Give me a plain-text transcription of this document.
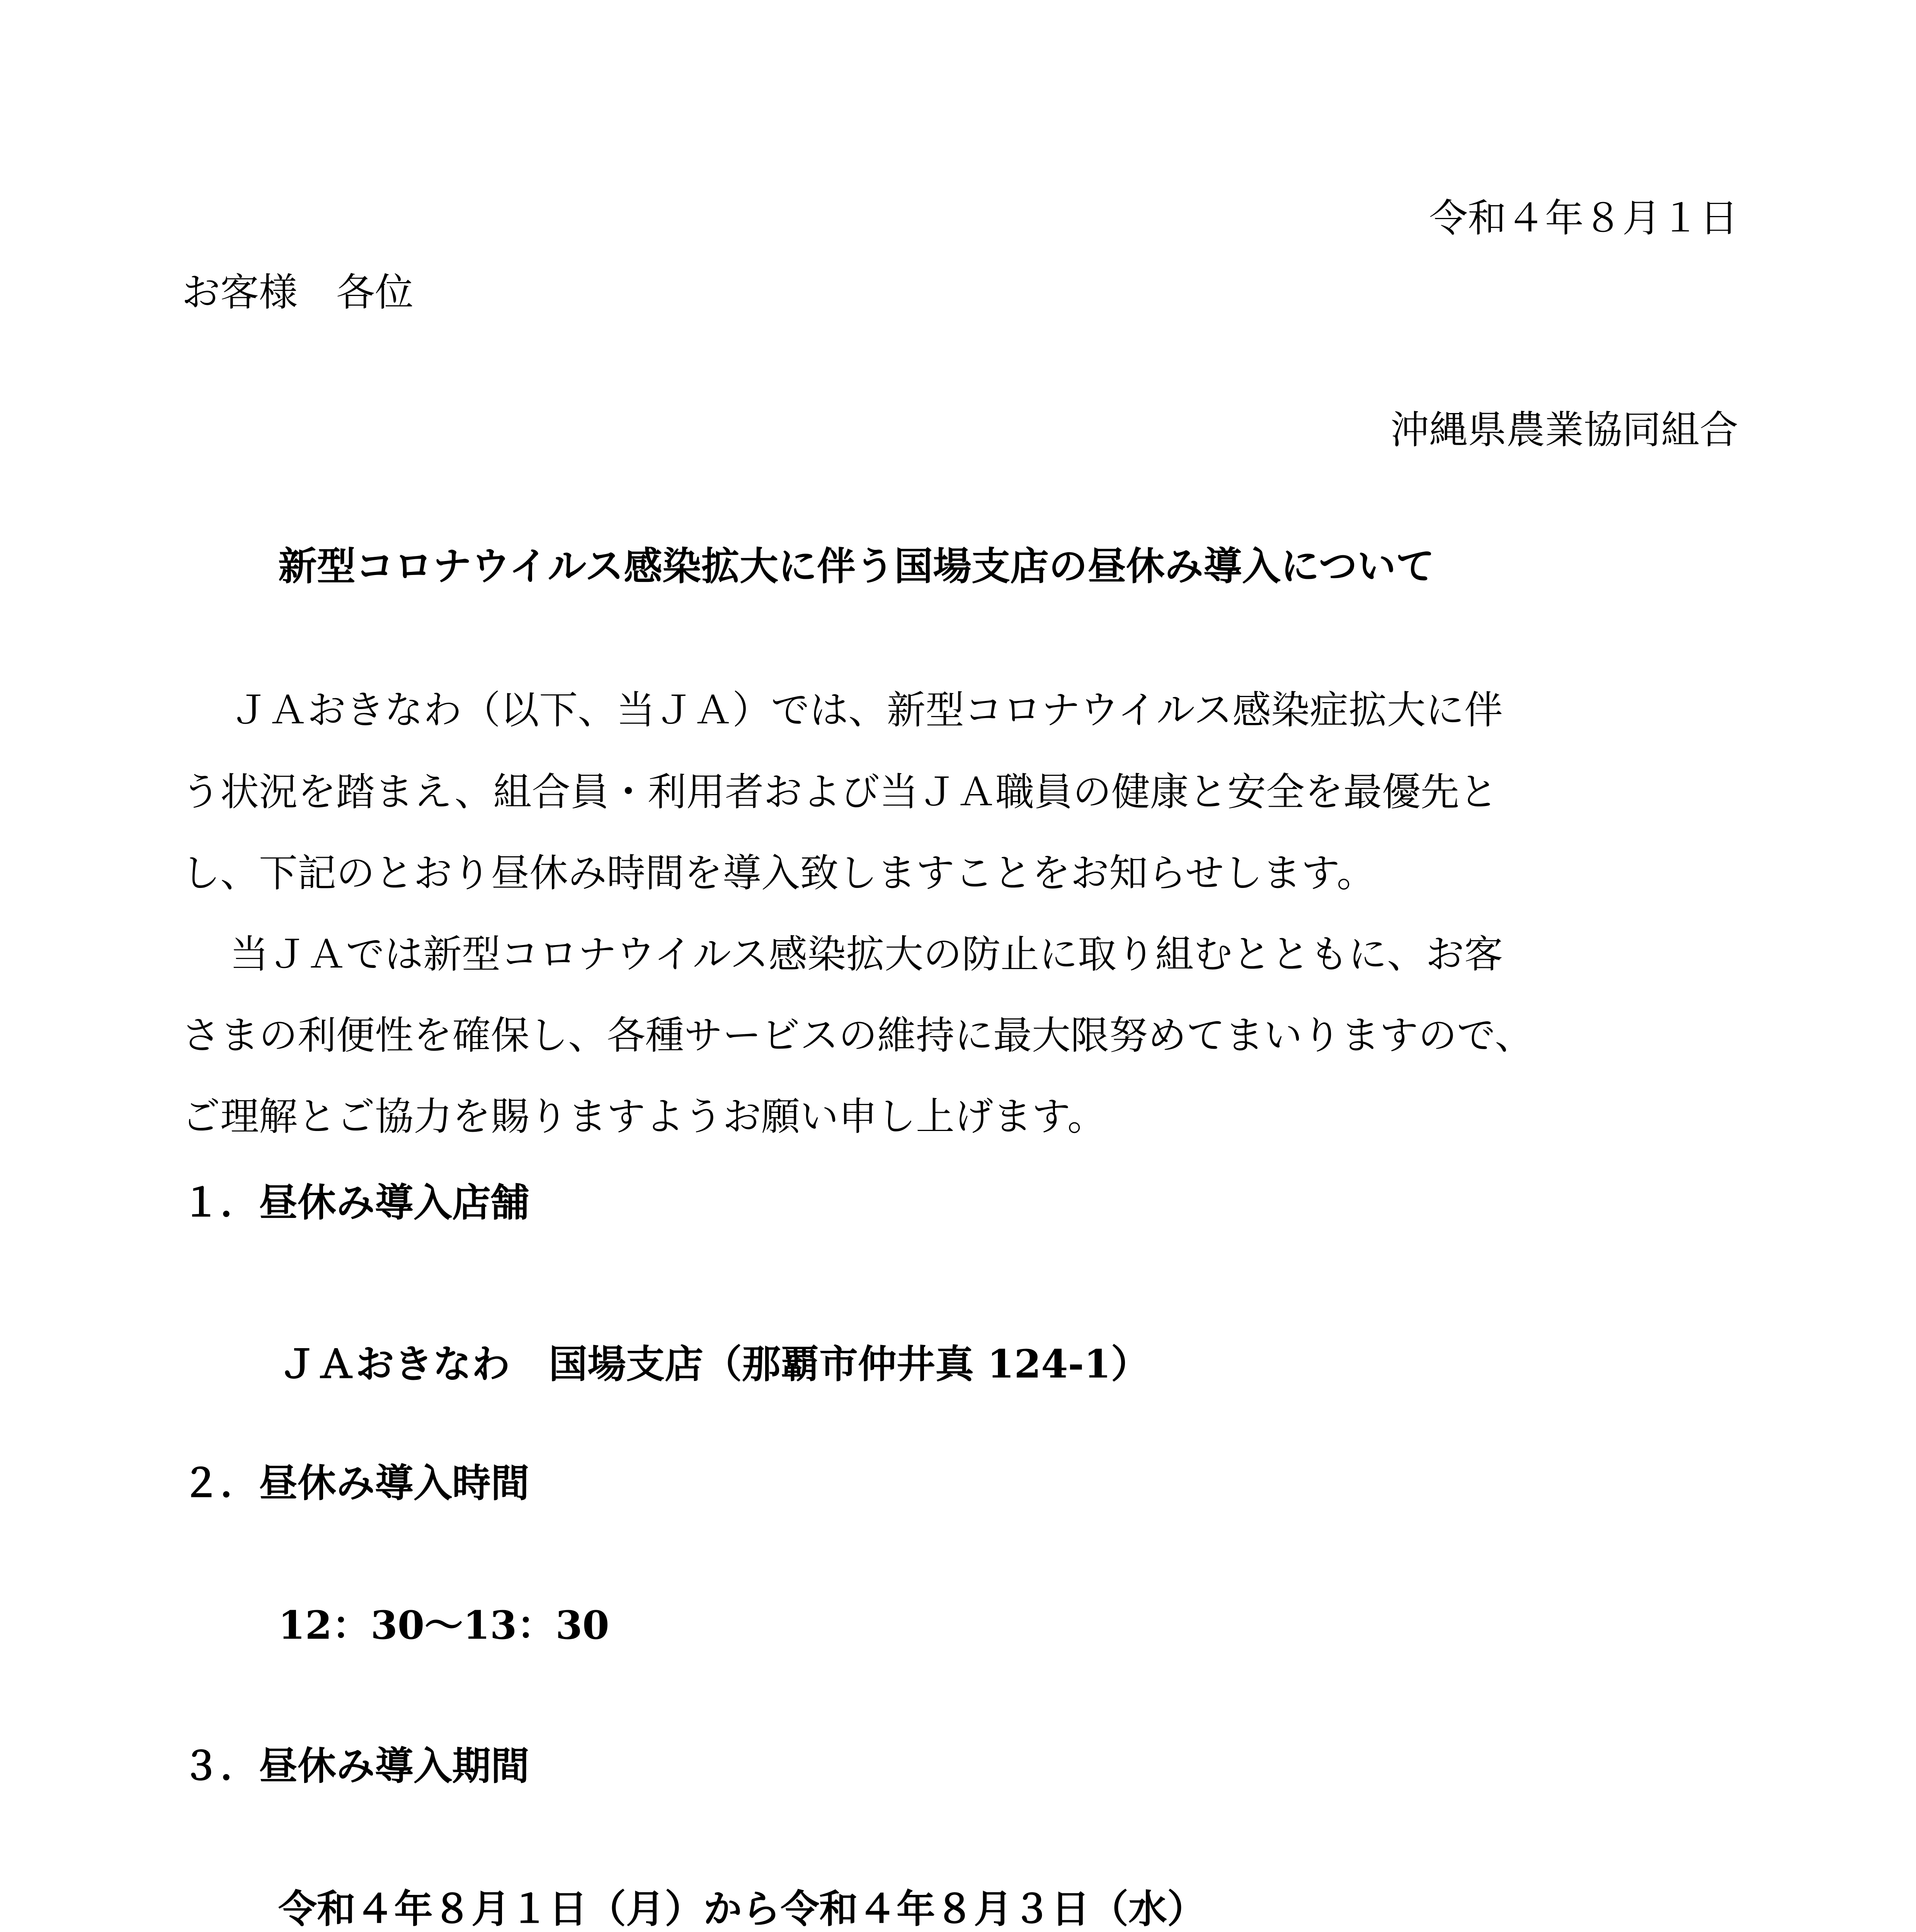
令和４年８月１日
お客様　各位
沖縄県農業協同組合
新型コロナウイルス感染拡大に伴う国場支店の昼休み導入について
ＪＡおきなわ（以下、当ＪＡ）では、新型コロナウイルス感染症拡大に伴
う状況を踏まえ、組合員・利用者および当ＪＡ職員の健康と安全を最優先と
し、下記のとおり昼休み時間を導入致しますことをお知らせします。
当ＪＡでは新型コロナウイルス感染拡大の防止に取り組むとともに、お客
さまの利便性を確保し、各種サービスの維持に最大限努めてまいりますので、
ご理解とご協力を賜りますようお願い申し上げます。
１．昼休み導入店舗
ＪＡおきなわ　国場支店（那覇市仲井真 124-1）
２．昼休み導入時間
12：30～13：30
３．昼休み導入期間
令和４年８月１日（月）から令和４年８月３日（水）
